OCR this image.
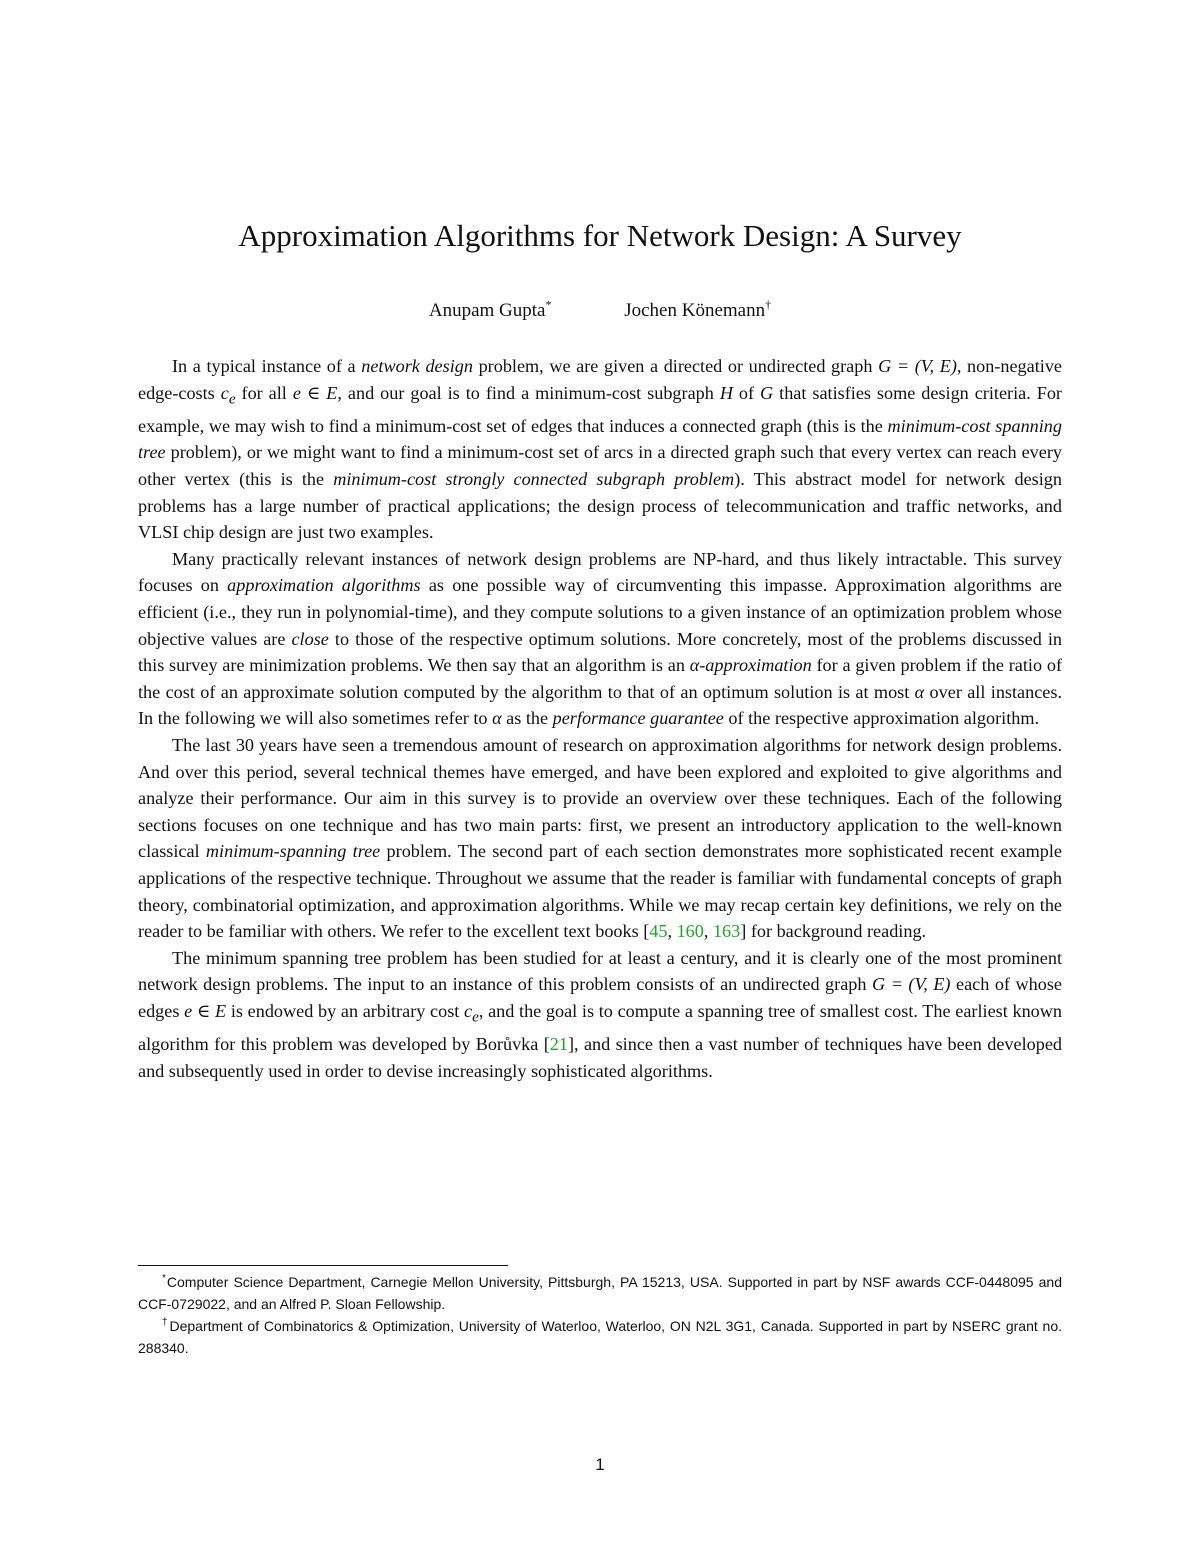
Approximation Algorithms for Network Design: A Survey
Anupam Gupta*	Jochen Könemann†

In a typical instance of a network design problem, we are given a directed or undirected graph G = (V, E), non-negative edge-costs $c_e$ for all e ∈ E, and our goal is to find a minimum-cost subgraph H of G that satisfies some design criteria. For example, we may wish to find a minimum-cost set of edges that induces a connected graph (this is the minimum-cost spanning tree problem), or we might want to find a minimum-cost set of arcs in a directed graph such that every vertex can reach every other vertex (this is the minimum-cost strongly connected subgraph problem). This abstract model for network design problems has a large number of practical applications; the design process of telecommunication and traffic networks, and VLSI chip design are just two examples.

Many practically relevant instances of network design problems are NP-hard, and thus likely intractable. This survey focuses on approximation algorithms as one possible way of circumventing this impasse. Approximation algorithms are efficient (i.e., they run in polynomial-time), and they compute solutions to a given instance of an optimization problem whose objective values are close to those of the respective optimum solutions. More concretely, most of the problems discussed in this survey are minimization problems. We then say that an algorithm is an α-approximation for a given problem if the ratio of the cost of an approximate solution computed by the algorithm to that of an optimum solution is at most α over all instances. In the following we will also sometimes refer to α as the performance guarantee of the respective approximation algorithm.

The last 30 years have seen a tremendous amount of research on approximation algorithms for network design problems. And over this period, several technical themes have emerged, and have been explored and exploited to give algorithms and analyze their performance. Our aim in this survey is to provide an overview over these techniques. Each of the following sections focuses on one technique and has two main parts: first, we present an introductory application to the well-known classical minimum-spanning tree problem. The second part of each section demonstrates more sophisticated recent example applications of the respective technique. Throughout we assume that the reader is familiar with fundamental concepts of graph theory, combinatorial optimization, and approximation algorithms. While we may recap certain key definitions, we rely on the reader to be familiar with others. We refer to the excellent text books [45, 160, 163] for background reading.

The minimum spanning tree problem has been studied for at least a century, and it is clearly one of the most prominent network design problems. The input to an instance of this problem consists of an undirected graph G = (V, E) each of whose edges e ∈ E is endowed by an arbitrary cost $c_e$, and the goal is to compute a spanning tree of smallest cost. The earliest known algorithm for this problem was developed by Borůvka [21], and since then a vast number of techniques have been developed and subsequently used in order to devise increasingly sophisticated algorithms.

*Computer Science Department, Carnegie Mellon University, Pittsburgh, PA 15213, USA. Supported in part by NSF awards CCF-0448095 and CCF-0729022, and an Alfred P. Sloan Fellowship.

†Department of Combinatorics & Optimization, University of Waterloo, Waterloo, ON N2L 3G1, Canada. Supported in part by NSERC grant no. 288340.

1
